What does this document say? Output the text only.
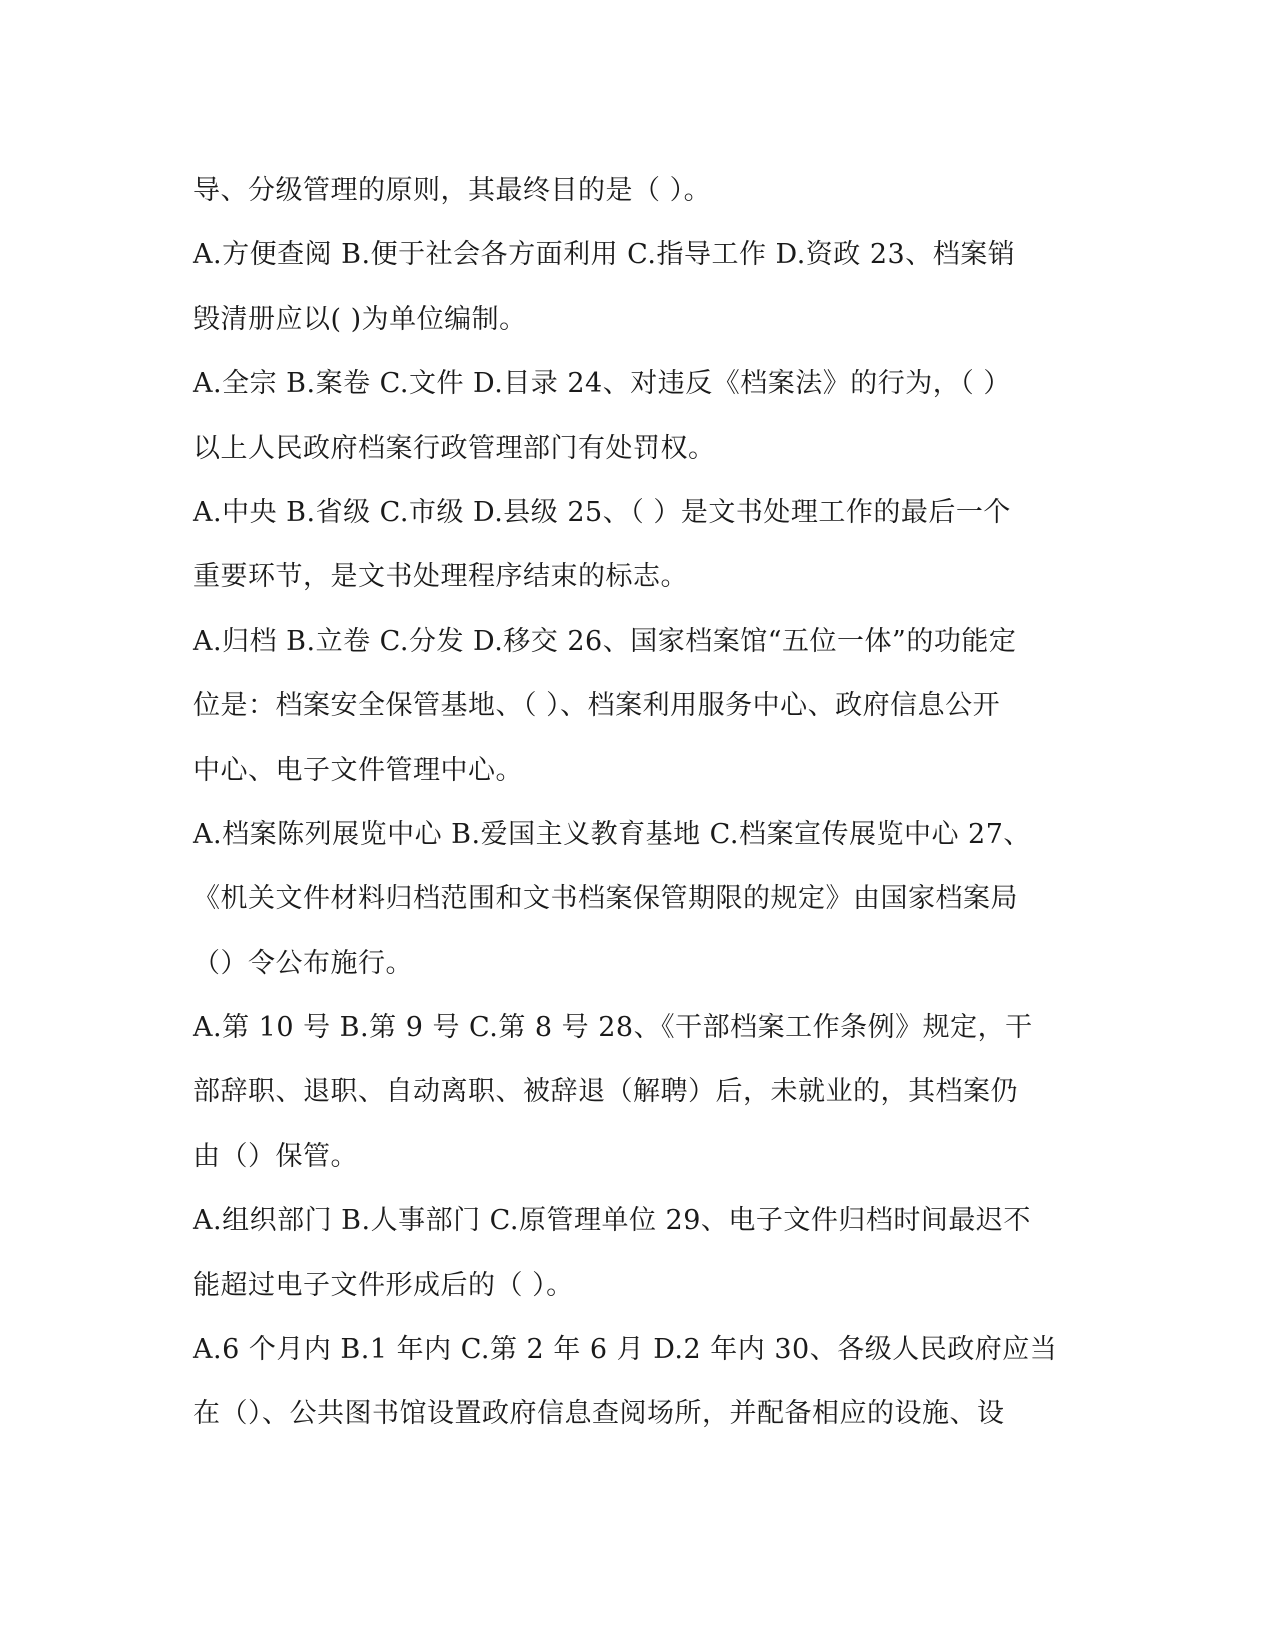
导、分级管理的原则，其最终目的是（ ）。
A.方便查阅 B.便于社会各方面利用 C.指导工作 D.资政 23、档案销
毁清册应以( )为单位编制。
A.全宗 B.案卷 C.文件 D.目录 24、对违反《档案法》的行为，（ ）
以上人民政府档案行政管理部门有处罚权。
A.中央 B.省级 C.市级 D.县级 25、（ ）是文书处理工作的最后一个
重要环节，是文书处理程序结束的标志。
A.归档 B.立卷 C.分发 D.移交 26、国家档案馆“五位一体”的功能定
位是：档案安全保管基地、（ ）、档案利用服务中心、政府信息公开
中心、电子文件管理中心。
A.档案陈列展览中心 B.爱国主义教育基地 C.档案宣传展览中心 27、
《机关文件材料归档范围和文书档案保管期限的规定》由国家档案局
（）令公布施行。
A.第 10 号 B.第 9 号 C.第 8 号 28、《干部档案工作条例》规定，干
部辞职、退职、自动离职、被辞退（解聘）后，未就业的，其档案仍
由（）保管。
A.组织部门 B.人事部门 C.原管理单位 29、电子文件归档时间最迟不
能超过电子文件形成后的（ ）。
A.6 个月内 B.1 年内 C.第 2 年 6 月 D.2 年内 30、各级人民政府应当
在（）、公共图书馆设置政府信息查阅场所，并配备相应的设施、设
